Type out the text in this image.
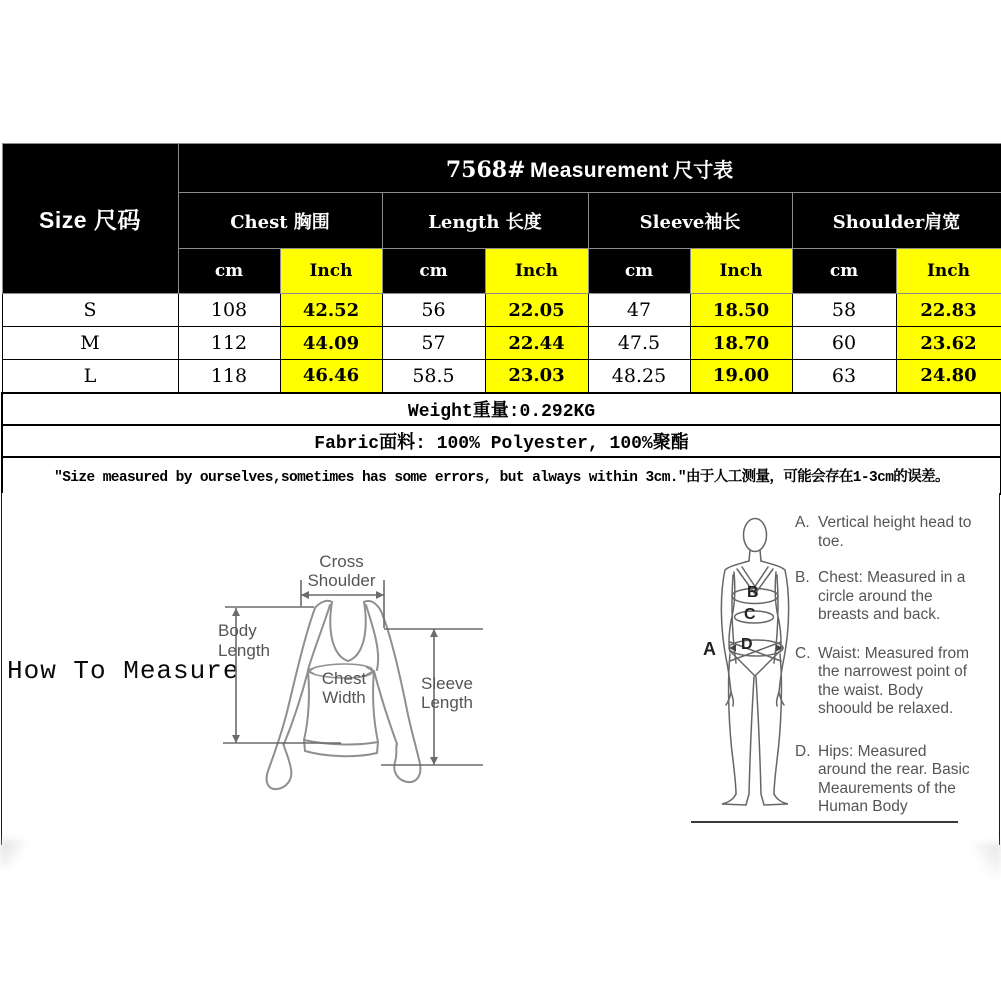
Size 尺码	7568# Measurement 尺寸表							
	Chest 胸围		Length 长度		Sleeve袖长		Shoulder肩宽	
	cm	Inch	cm	Inch	cm	Inch	cm	Inch
S	108	42.52	56	22.05	47	18.50	58	22.83
M	112	44.09	57	22.44	47.5	18.70	60	23.62
L	118	46.46	58.5	23.03	48.25	19.00	63	24.80
Weight重量:0.292KG								
Fabric面料: 100% Polyester, 100%聚酯								
″Size measured by ourselves,sometimes has some errors, but always within 3cm.″由于人工测量，可能会存在1-3cm的误差。								
How To Measure
Cross Shoulder
Body Length
Chest Width
Sleeve Length
A
B
C
D
A. Vertical height head to toe.
B. Chest: Measured in a circle around the breasts and back.
C. Waist: Measured from the narrowest point of the waist. Body shoould be relaxed.
D. Hips: Measured around the rear. Basic Meaurements of the Human Body
